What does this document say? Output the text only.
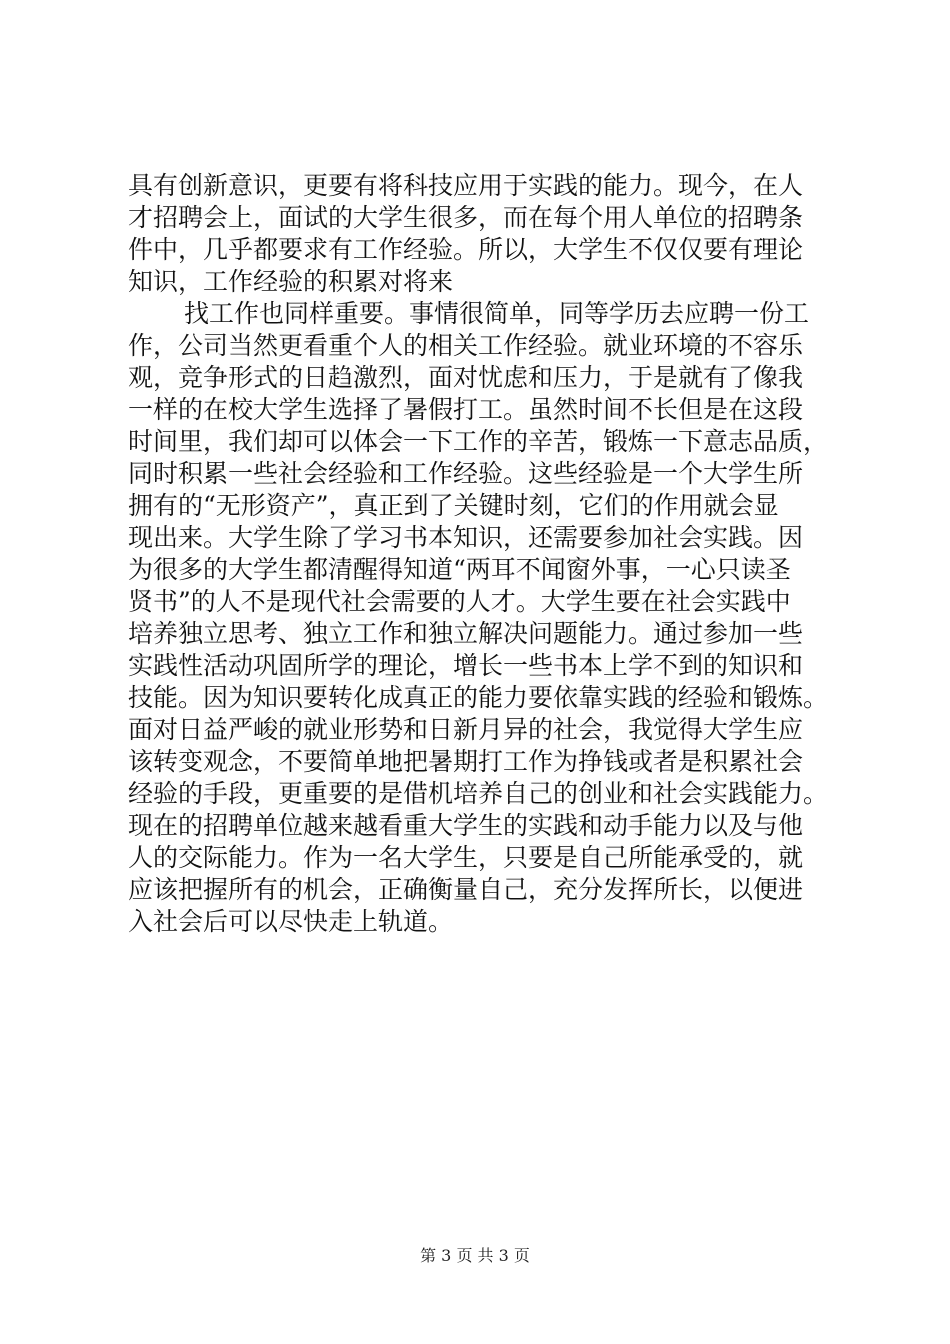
具有创新意识，更要有将科技应用于实践的能力。现今，在人
才招聘会上，面试的大学生很多，而在每个用人单位的招聘条
件中，几乎都要求有工作经验。所以，大学生不仅仅要有理论
知识，工作经验的积累对将来
找工作也同样重要。事情很简单，同等学历去应聘一份工
作，公司当然更看重个人的相关工作经验。就业环境的不容乐
观，竞争形式的日趋激烈，面对忧虑和压力，于是就有了像我
一样的在校大学生选择了暑假打工。虽然时间不长但是在这段
时间里，我们却可以体会一下工作的辛苦，锻炼一下意志品质，
同时积累一些社会经验和工作经验。这些经验是一个大学生所
拥有的“无形资产”，真正到了关键时刻，它们的作用就会显
现出来。大学生除了学习书本知识，还需要参加社会实践。因
为很多的大学生都清醒得知道“两耳不闻窗外事，一心只读圣
贤书”的人不是现代社会需要的人才。大学生要在社会实践中
培养独立思考、独立工作和独立解决问题能力。通过参加一些
实践性活动巩固所学的理论，增长一些书本上学不到的知识和
技能。因为知识要转化成真正的能力要依靠实践的经验和锻炼。
面对日益严峻的就业形势和日新月异的社会，我觉得大学生应
该转变观念，不要简单地把暑期打工作为挣钱或者是积累社会
经验的手段，更重要的是借机培养自己的创业和社会实践能力。
现在的招聘单位越来越看重大学生的实践和动手能力以及与他
人的交际能力。作为一名大学生，只要是自己所能承受的，就
应该把握所有的机会，正确衡量自己，充分发挥所长，以便进
入社会后可以尽快走上轨道。
第 3 页 共 3 页
